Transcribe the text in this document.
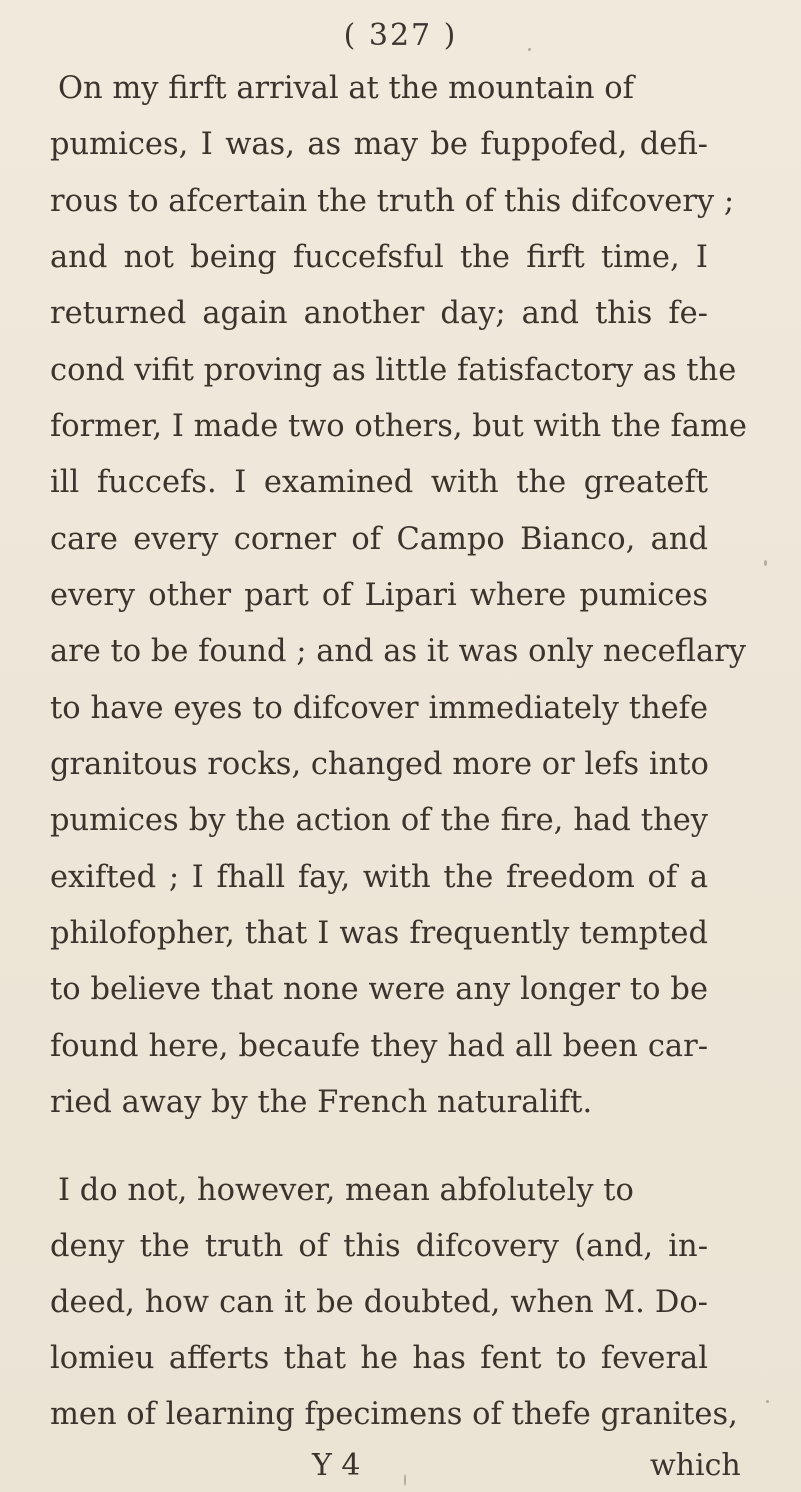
( 327 )
On my firft arrival at the mountain of
pumices, I was, as may be fuppofed, defi-
rous to afcertain the truth of this difcovery ;
and not being fuccefsful the firft time, I
returned again another day; and this fe-
cond vifit proving as little fatisfactory as the
former, I made two others, but with the fame
ill fuccefs. I examined with the greateft
care every corner of Campo Bianco, and
every other part of Lipari where pumices
are to be found ; and as it was only neceflary
to have eyes to difcover immediately thefe
granitous rocks, changed more or lefs into
pumices by the action of the fire, had they
exifted ; I fhall fay, with the freedom of a
philofopher, that I was frequently tempted
to believe that none were any longer to be
found here, becaufe they had all been car-
ried away by the French naturalift.
I do not, however, mean abfolutely to
deny the truth of this difcovery (and, in-
deed, how can it be doubted, when M. Do-
lomieu afferts that he has fent to feveral
men of learning fpecimens of thefe granites,
Y 4	which
